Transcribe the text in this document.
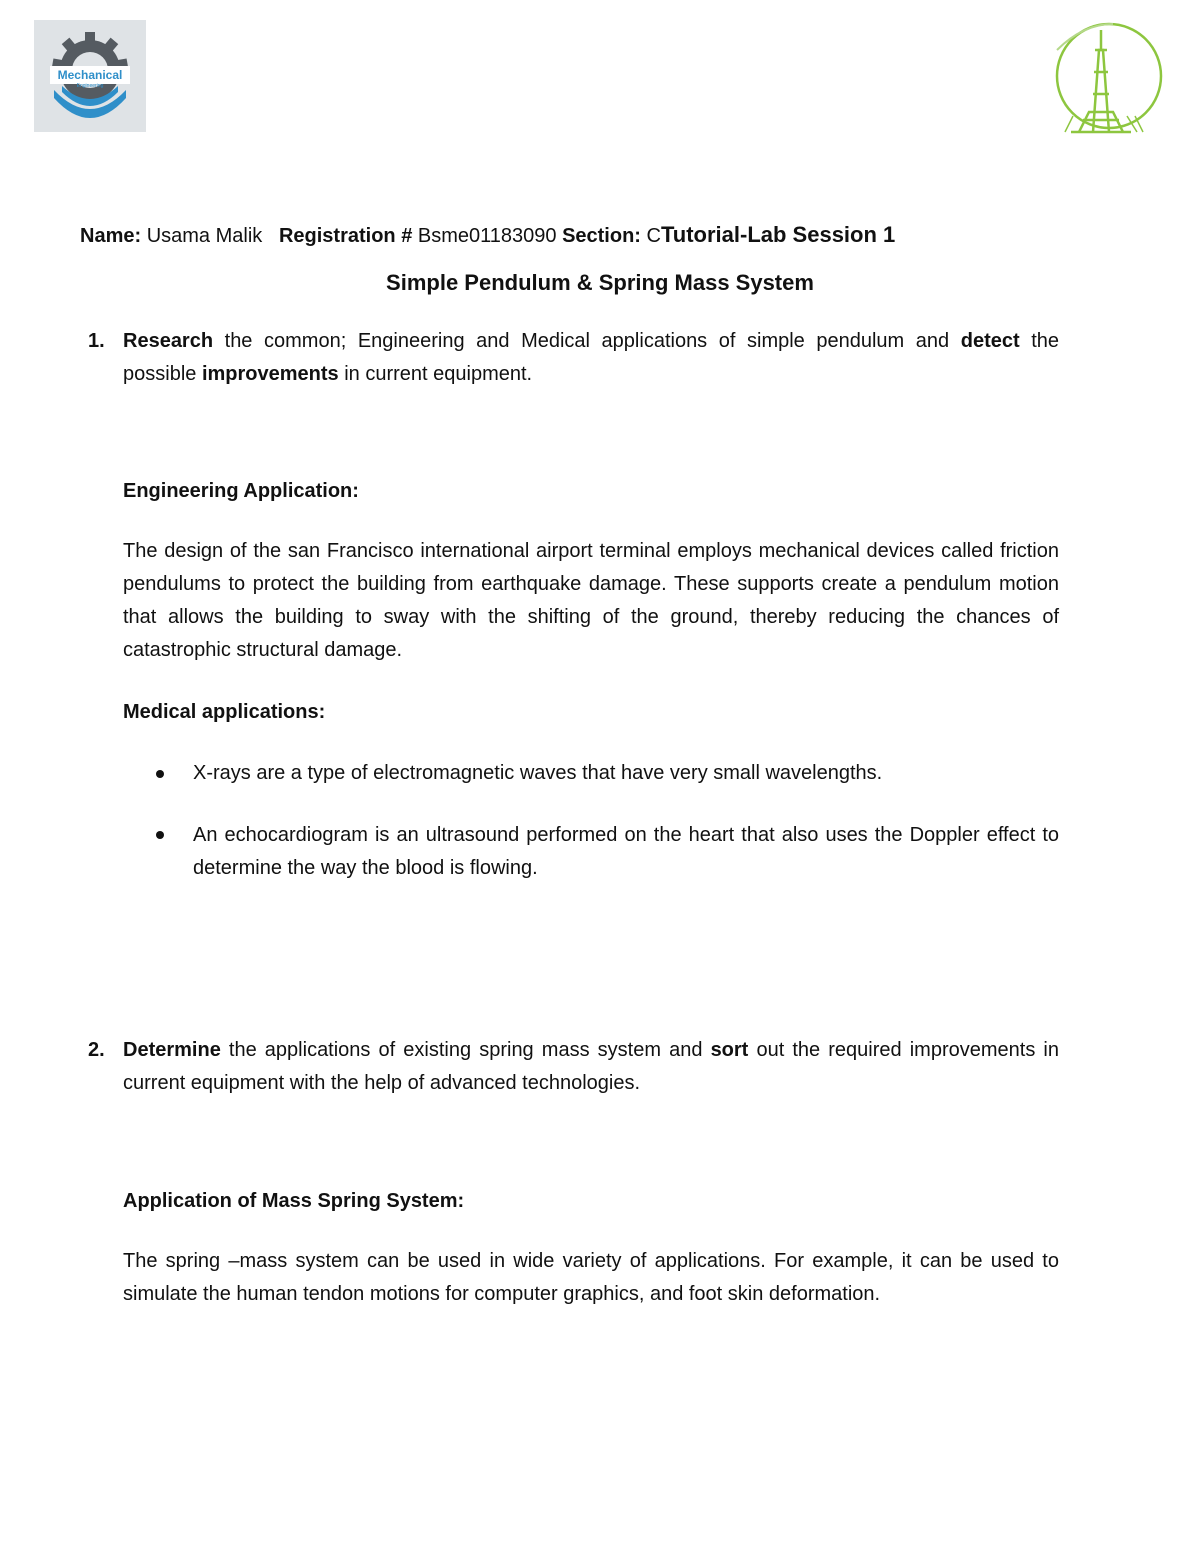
Mechanical
Engineering
Name: Usama Malik Registration # Bsme01183090 Section: CTutorial-Lab Session 1
Simple Pendulum & Spring Mass System
1. Research the common; Engineering and Medical applications of simple pendulum and detect the possible improvements in current equipment.
Engineering Application:
The design of the san Francisco international airport terminal employs mechanical devices called friction pendulums to protect the building from earthquake damage. These supports create a pendulum motion that allows the building to sway with the shifting of the ground, thereby reducing the chances of catastrophic structural damage.
Medical applications:
X-rays are a type of electromagnetic waves that have very small wavelengths.
An echocardiogram is an ultrasound performed on the heart that also uses the Doppler effect to determine the way the blood is flowing.
2. Determine the applications of existing spring mass system and sort out the required improvements in current equipment with the help of advanced technologies.
Application of Mass Spring System:
The spring –mass system can be used in wide variety of applications. For example, it can be used to simulate the human tendon motions for computer graphics, and foot skin deformation.
